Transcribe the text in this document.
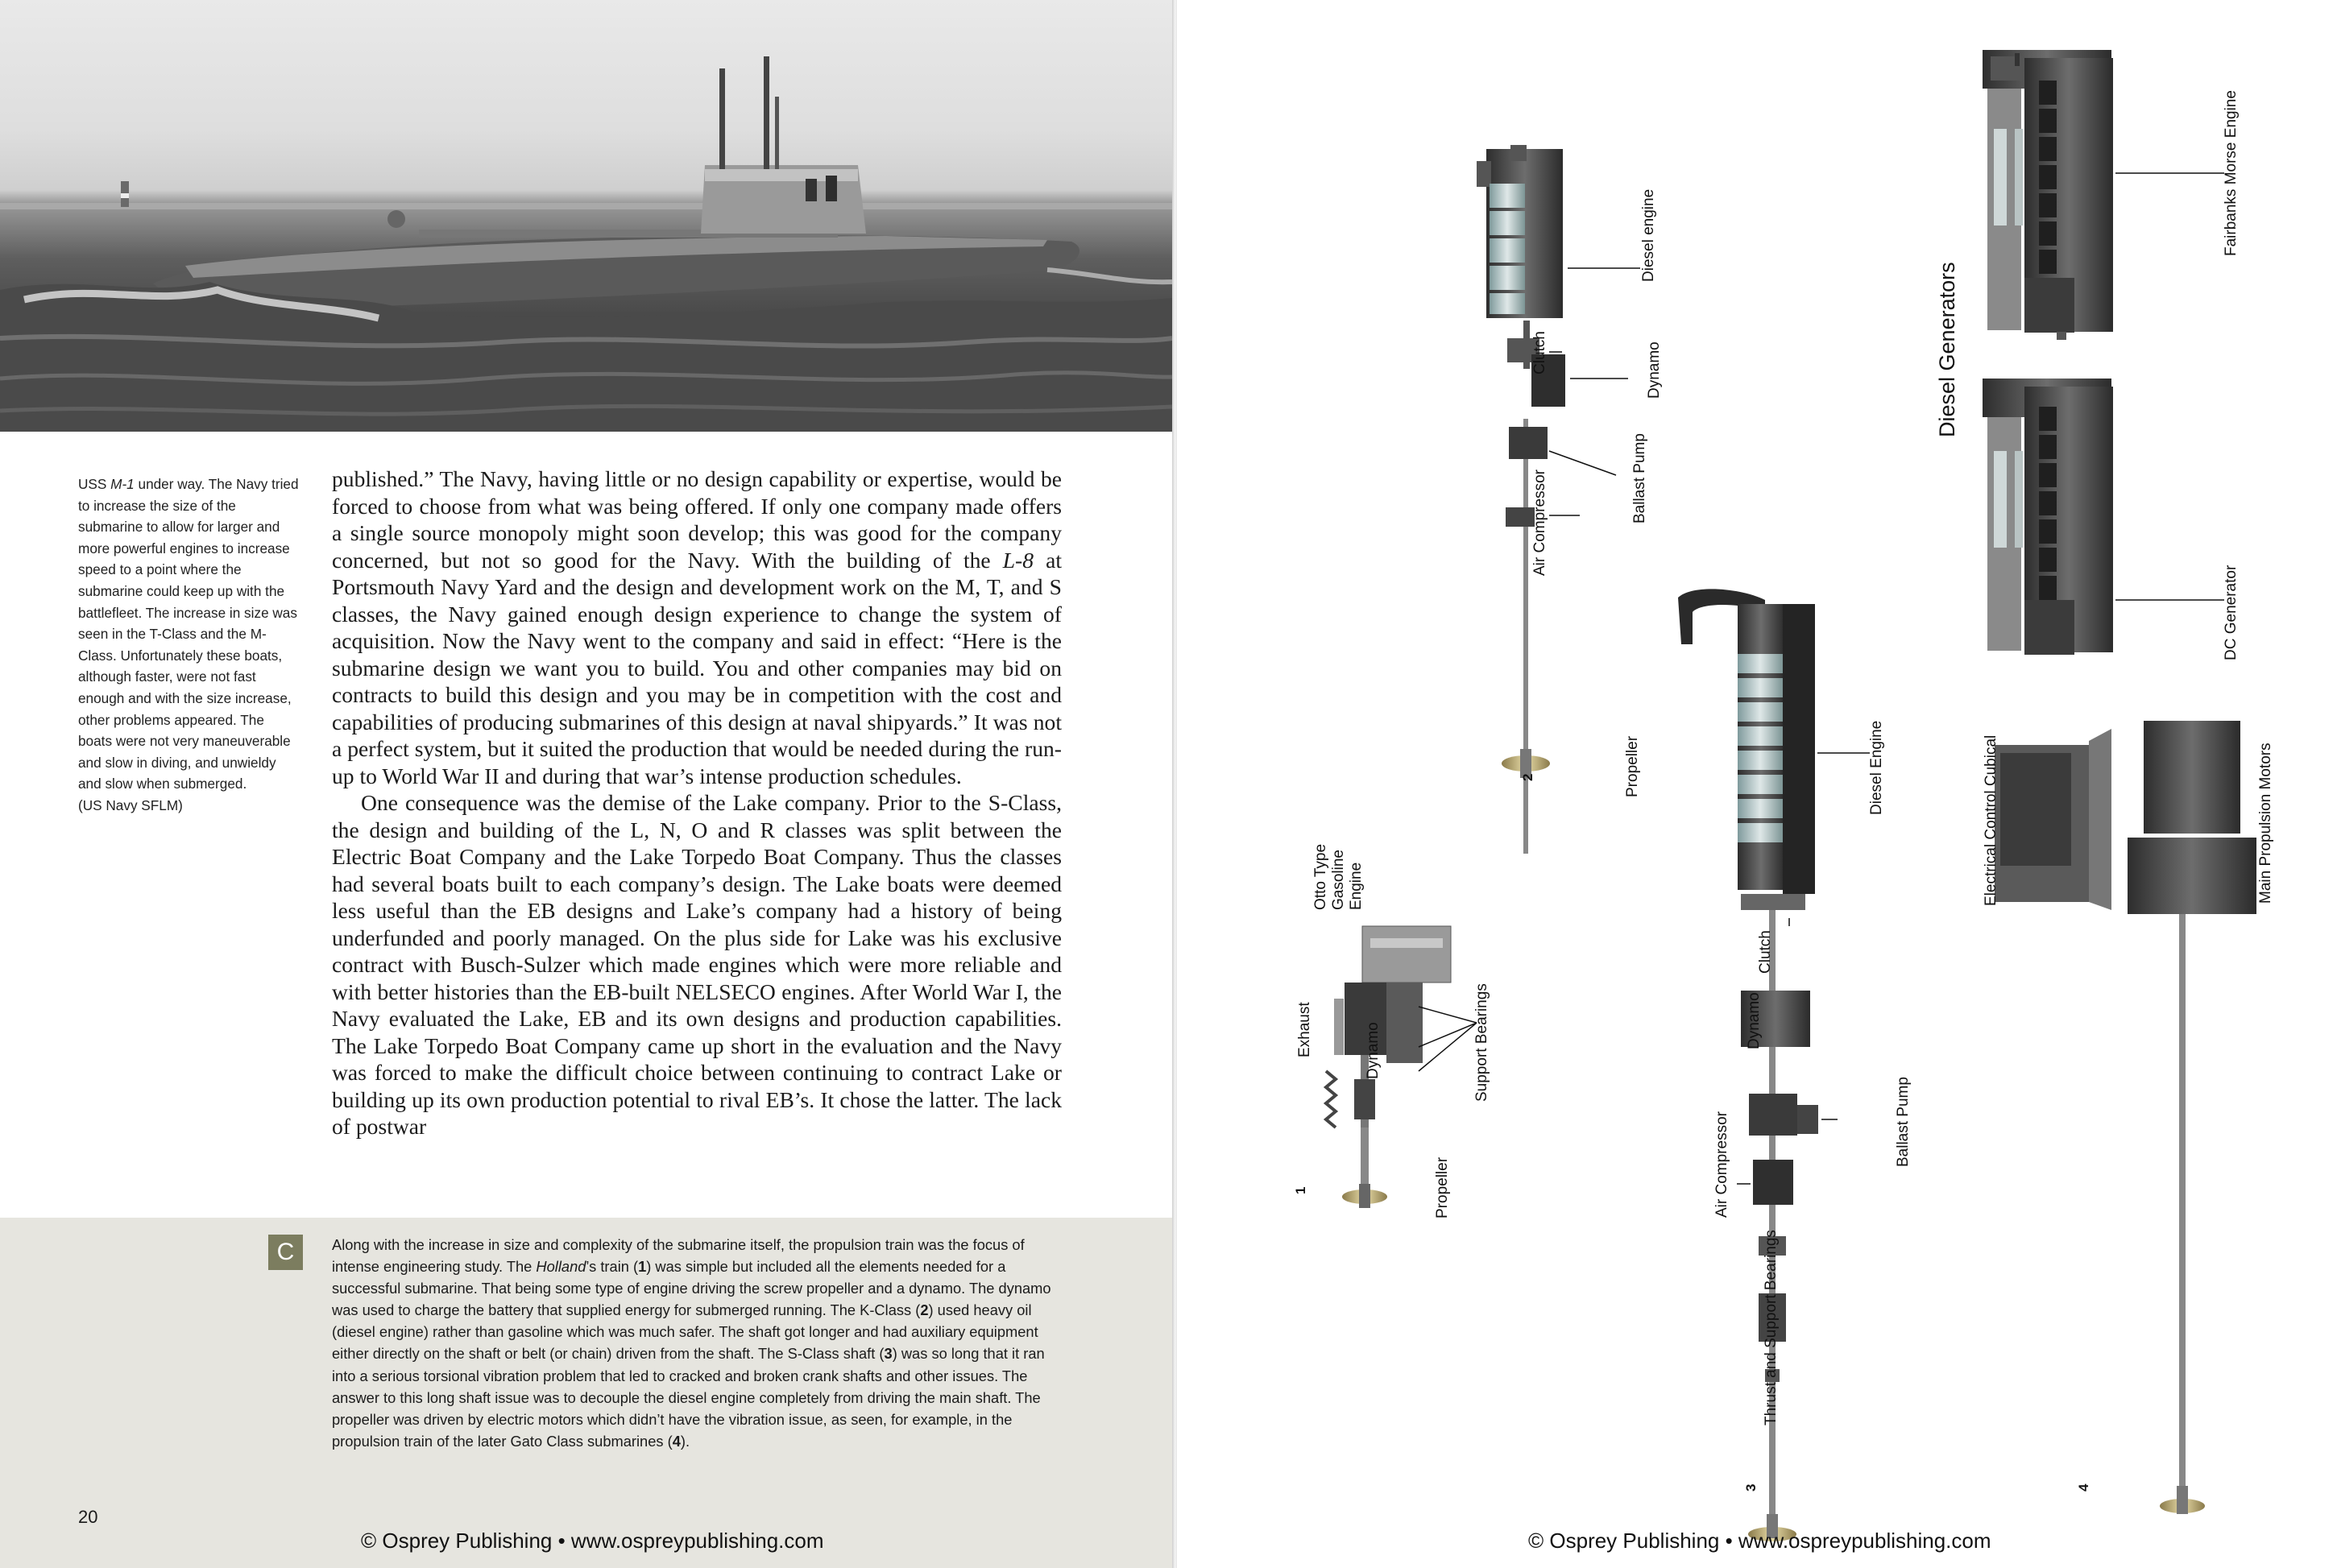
USS M-1 under way. The Navy tried to increase the size of the submarine to allow for larger and more powerful engines to increase speed to a point where the submarine could keep up with the battlefleet. The increase in size was seen in the T-Class and the M-Class. Unfortunately these boats, although faster, were not fast enough and with the size increase, other problems appeared. The boats were not very maneuverable and slow in diving, and unwieldy and slow when submerged.
(US Navy SFLM)

published.” The Navy, having little or no design capability or expertise, would be forced to choose from what was being offered. If only one company made offers a single source monopoly might soon develop; this was good for the company concerned, but not so good for the Navy. With the building of the L-8 at Portsmouth Navy Yard and the design and development work on the M, T, and S classes, the Navy gained enough design experience to change the system of acquisition. Now the Navy went to the company and said in effect: “Here is the submarine design we want you to build. You and other companies may bid on contracts to build this design and you may be in competition with the cost and capabilities of producing submarines of this design at naval shipyards.” It was not a perfect system, but it suited the production that would be needed during the run-up to World War II and during that war’s intense production schedules.

One consequence was the demise of the Lake company. Prior to the S-Class, the design and building of the L, N, O and R classes was split between the Electric Boat Company and the Lake Torpedo Boat Company. Thus the classes had several boats built to each company’s design. The Lake boats were deemed less useful than the EB designs and Lake’s company had a history of being underfunded and poorly managed. On the plus side for Lake was his exclusive contract with Busch-Sulzer which made engines which were more reliable and with better histories than the EB-built NELSECO engines. After World War I, the Navy evaluated the Lake, EB and its own designs and production capabilities. The Lake Torpedo Boat Company came up short in the evaluation and the Navy was forced to make the difficult choice between continuing to contract Lake or building up its own production potential to rival EB’s. It chose the latter. The lack of postwar

C	Along with the increase in size and complexity of the submarine itself, the propulsion train was the focus of intense engineering study. The Holland’s train (1) was simple but included all the elements needed for a successful submarine. That being some type of engine driving the screw propeller and a dynamo. The dynamo was used to charge the battery that supplied energy for submerged running. The K-Class (2) used heavy oil (diesel engine) rather than gasoline which was much safer. The shaft got longer and had auxiliary equipment either directly on the shaft or belt (or chain) driven from the shaft. The S-Class shaft (3) was so long that it ran into a serious torsional vibration problem that led to cracked and broken crank shafts and other issues. The answer to this long shaft issue was to decouple the diesel engine completely from driving the main shaft. The propeller was driven by electric motors which didn’t have the vibration issue, as seen, for example, in the propulsion train of the later Gato Class submarines (4).
20
© Osprey Publishing • www.ospreypublishing.com
1
Otto TypeGasolineEngine
Exhaust	Dynamo	Support Bearings
Propeller
2
Diesel engine
Clutch	Dynamo
Ballast Pump
Air Compressor
Propeller
3
Diesel Engine
Clutch
Dynamo
Ballast Pump
Air Compressor
Thrust and Support Bearings
Diesel Generators
4
Fairbanks Morse Engine
DC Generator
Electrical Control Cubical	Main Propulsion Motors
© Osprey Publishing • www.ospreypublishing.com
